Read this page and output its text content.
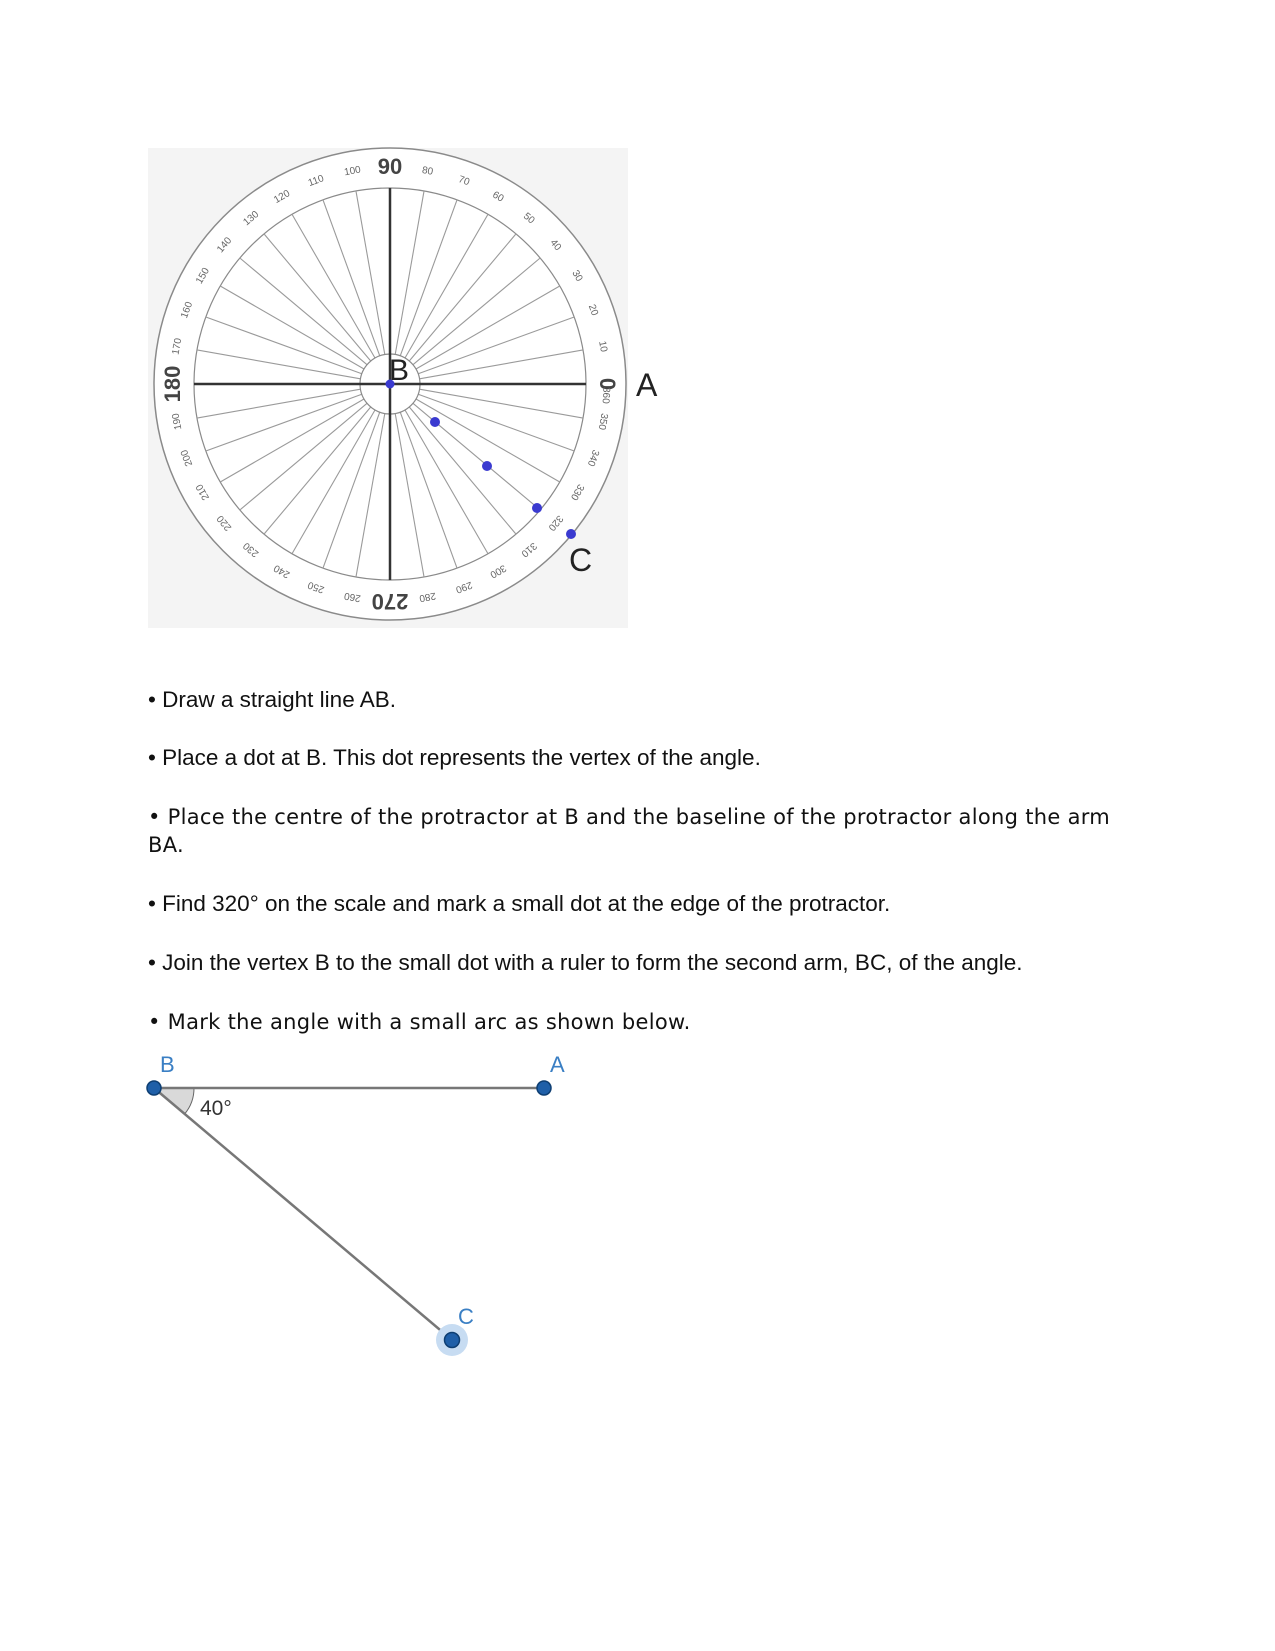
90
180
270
0
10
20
30
40
50
60
70
80
100
110
120
130
140
150
160
170
190
200
210
220
230
240
250
260	280
290
300
310
320
330
340
350
360
B	A
C
• Draw a straight line AB.
• Place a dot at B. This dot represents the vertex of the angle.
• Place the centre of the protractor at B and the baseline of the protractor along the arm BA.
• Find 320° on the scale and mark a small dot at the edge of the protractor.
• Join the vertex B to the small dot with a ruler to form the second arm, BC, of the angle.
• Mark the angle with a small arc as shown below.
B	A
C
40°
